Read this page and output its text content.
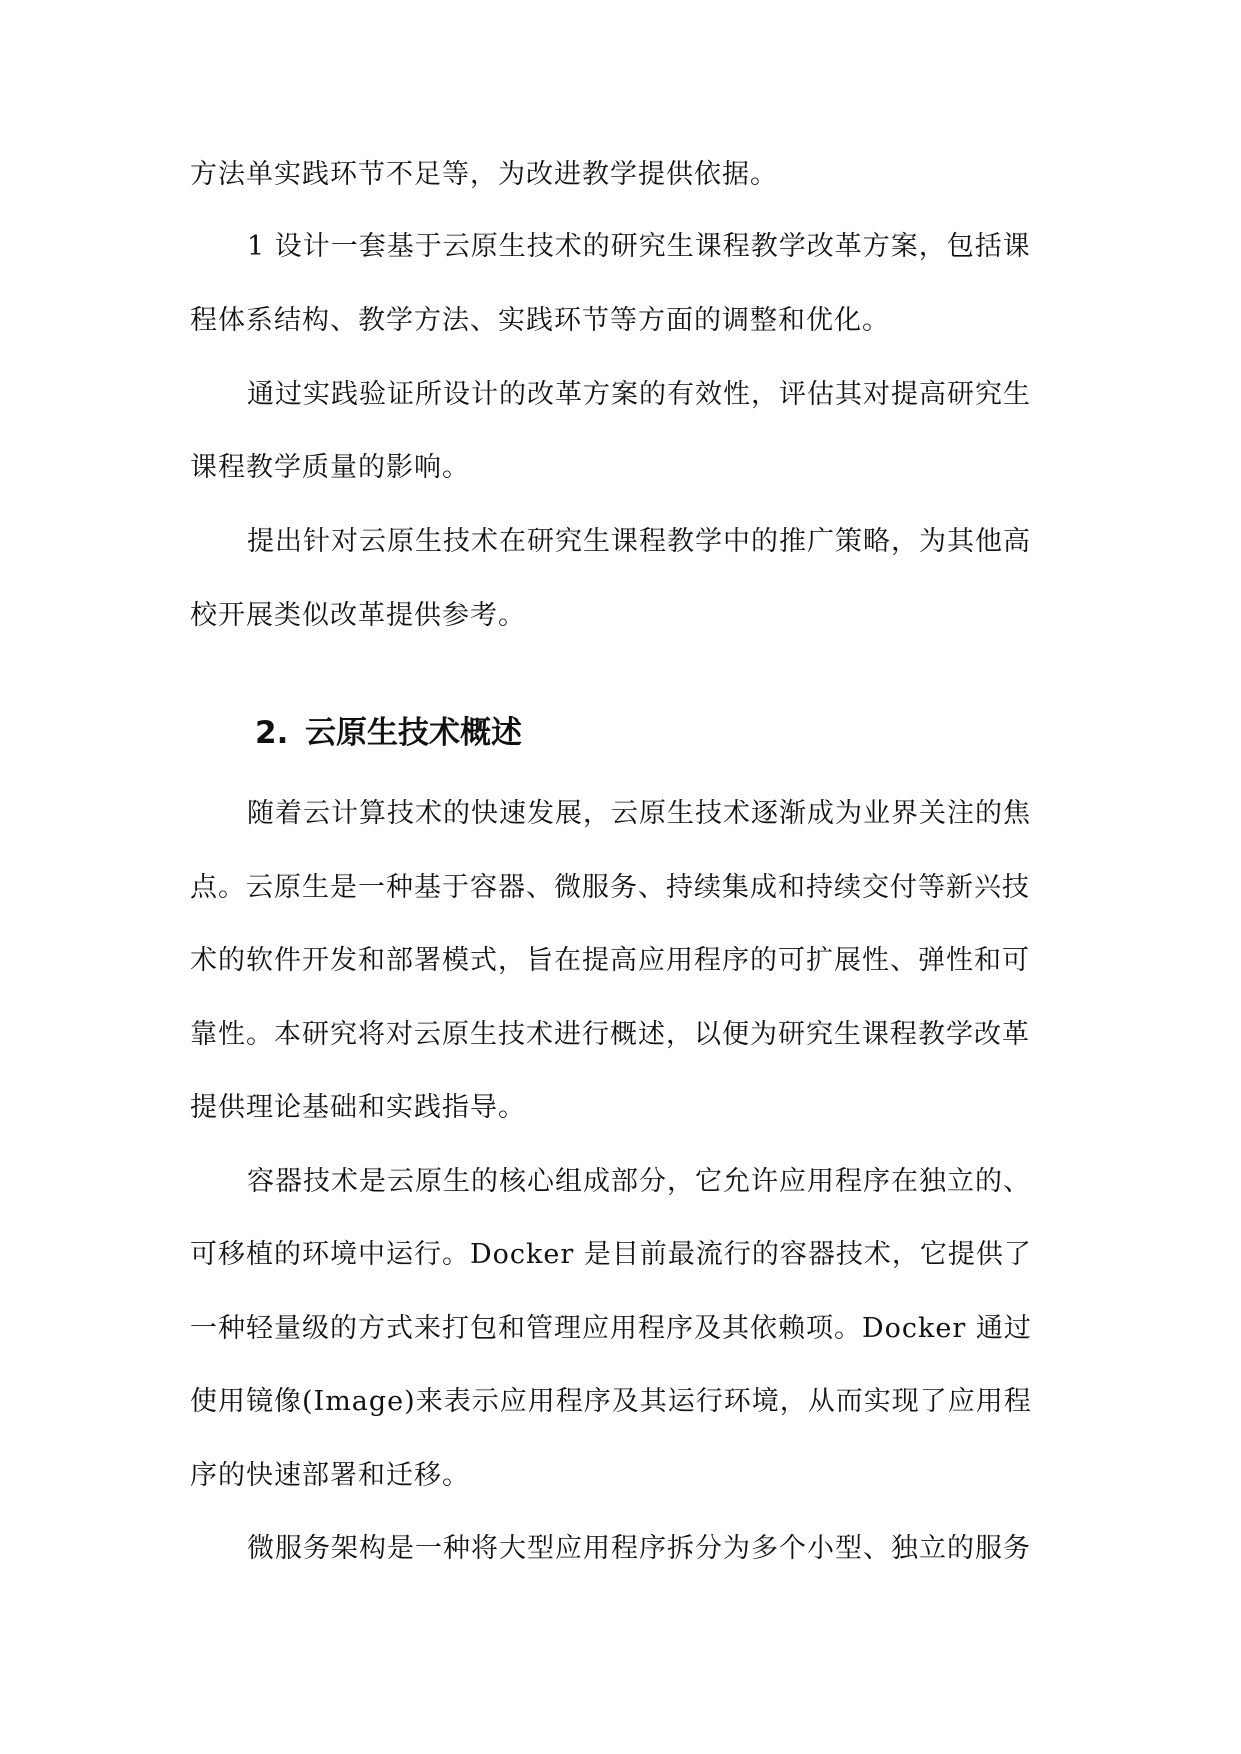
方法单实践环节不足等，为改进教学提供依据。
1 设计一套基于云原生技术的研究生课程教学改革方案，包括课
程体系结构、教学方法、实践环节等方面的调整和优化。
通过实践验证所设计的改革方案的有效性，评估其对提高研究生
课程教学质量的影响。
提出针对云原生技术在研究生课程教学中的推广策略，为其他高
校开展类似改革提供参考。
2. 云原生技术概述
随着云计算技术的快速发展，云原生技术逐渐成为业界关注的焦
点。云原生是一种基于容器、微服务、持续集成和持续交付等新兴技
术的软件开发和部署模式，旨在提高应用程序的可扩展性、弹性和可
靠性。本研究将对云原生技术进行概述，以便为研究生课程教学改革
提供理论基础和实践指导。
容器技术是云原生的核心组成部分，它允许应用程序在独立的、
可移植的环境中运行。Docker 是目前最流行的容器技术，它提供了
一种轻量级的方式来打包和管理应用程序及其依赖项。Docker 通过
使用镜像(Image)来表示应用程序及其运行环境，从而实现了应用程
序的快速部署和迁移。
微服务架构是一种将大型应用程序拆分为多个小型、独立的服务
